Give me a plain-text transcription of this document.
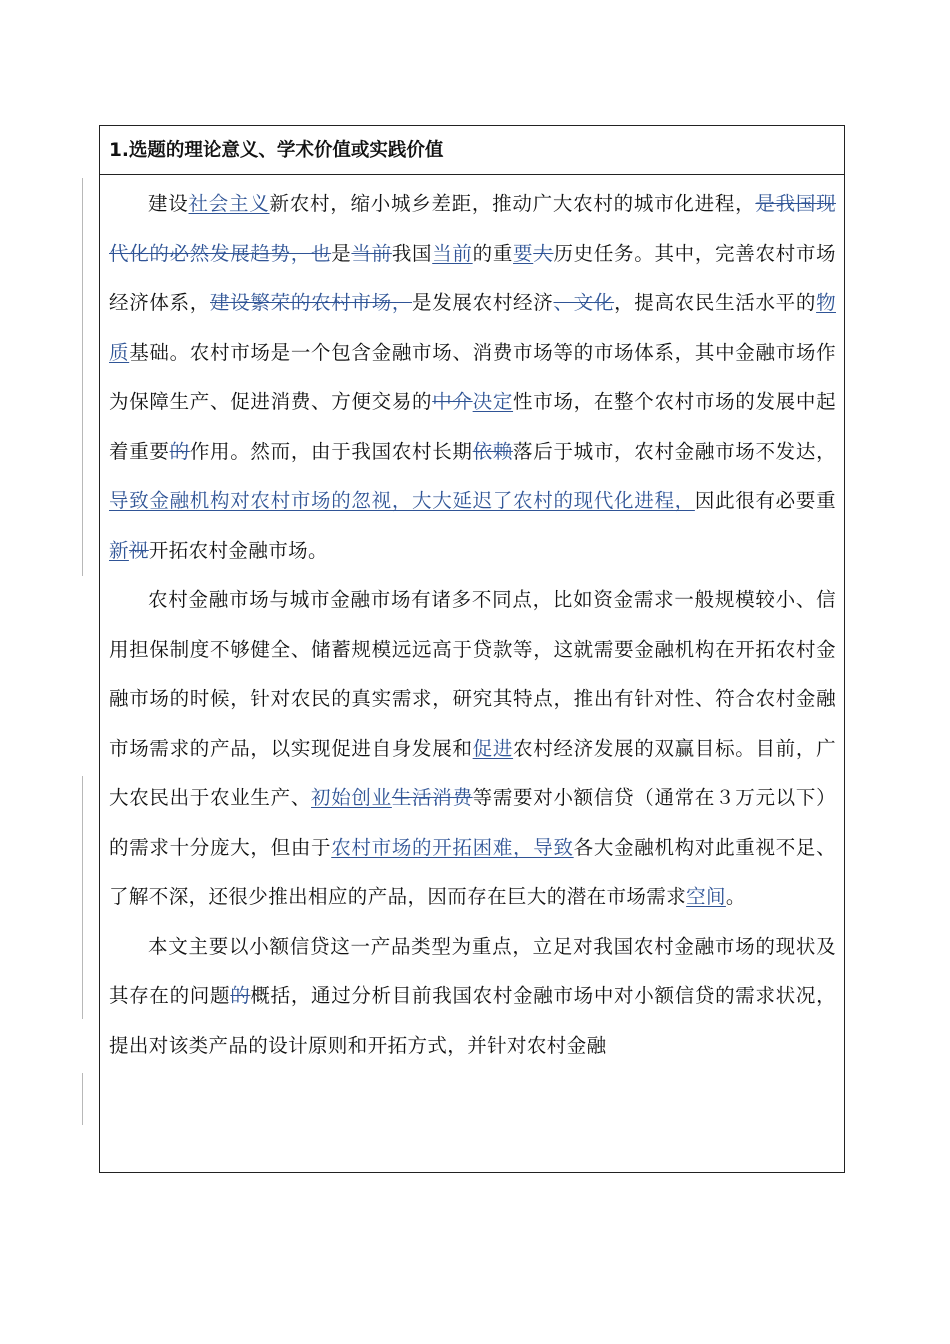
1.选题的理论意义、学术价值或实践价值

建设社会主义新农村，缩小城乡差距，推动广大农村的城市化进程，是我国现代化的必然发展趋势，也是当前我国当前的重要大历史任务。其中，完善农村市场经济体系，建设繁荣的农村市场，是发展农村经济、文化，提高农民生活水平的物质基础。农村市场是一个包含金融市场、消费市场等的市场体系，其中金融市场作为保障生产、促进消费、方便交易的中介决定性市场，在整个农村市场的发展中起着重要的作用。然而，由于我国农村长期依赖落后于城市，农村金融市场不发达，导致金融机构对农村市场的忽视，大大延迟了农村的现代化进程，因此很有必要重新视开拓农村金融市场。

农村金融市场与城市金融市场有诸多不同点，比如资金需求一般规模较小、信用担保制度不够健全、储蓄规模远远高于贷款等，这就需要金融机构在开拓农村金融市场的时候，针对农民的真实需求，研究其特点，推出有针对性、符合农村金融市场需求的产品，以实现促进自身发展和促进农村经济发展的双赢目标。目前，广大农民出于农业生产、初始创业生活消费等需要对小额信贷（通常在３万元以下）的需求十分庞大，但由于农村市场的开拓困难，导致各大金融机构对此重视不足、了解不深，还很少推出相应的产品，因而存在巨大的潜在市场需求空间。

本文主要以小额信贷这一产品类型为重点，立足对我国农村金融市场的现状及其存在的问题的概括，通过分析目前我国农村金融市场中对小额信贷的需求状况，提出对该类产品的设计原则和开拓方式，并针对农村金融
